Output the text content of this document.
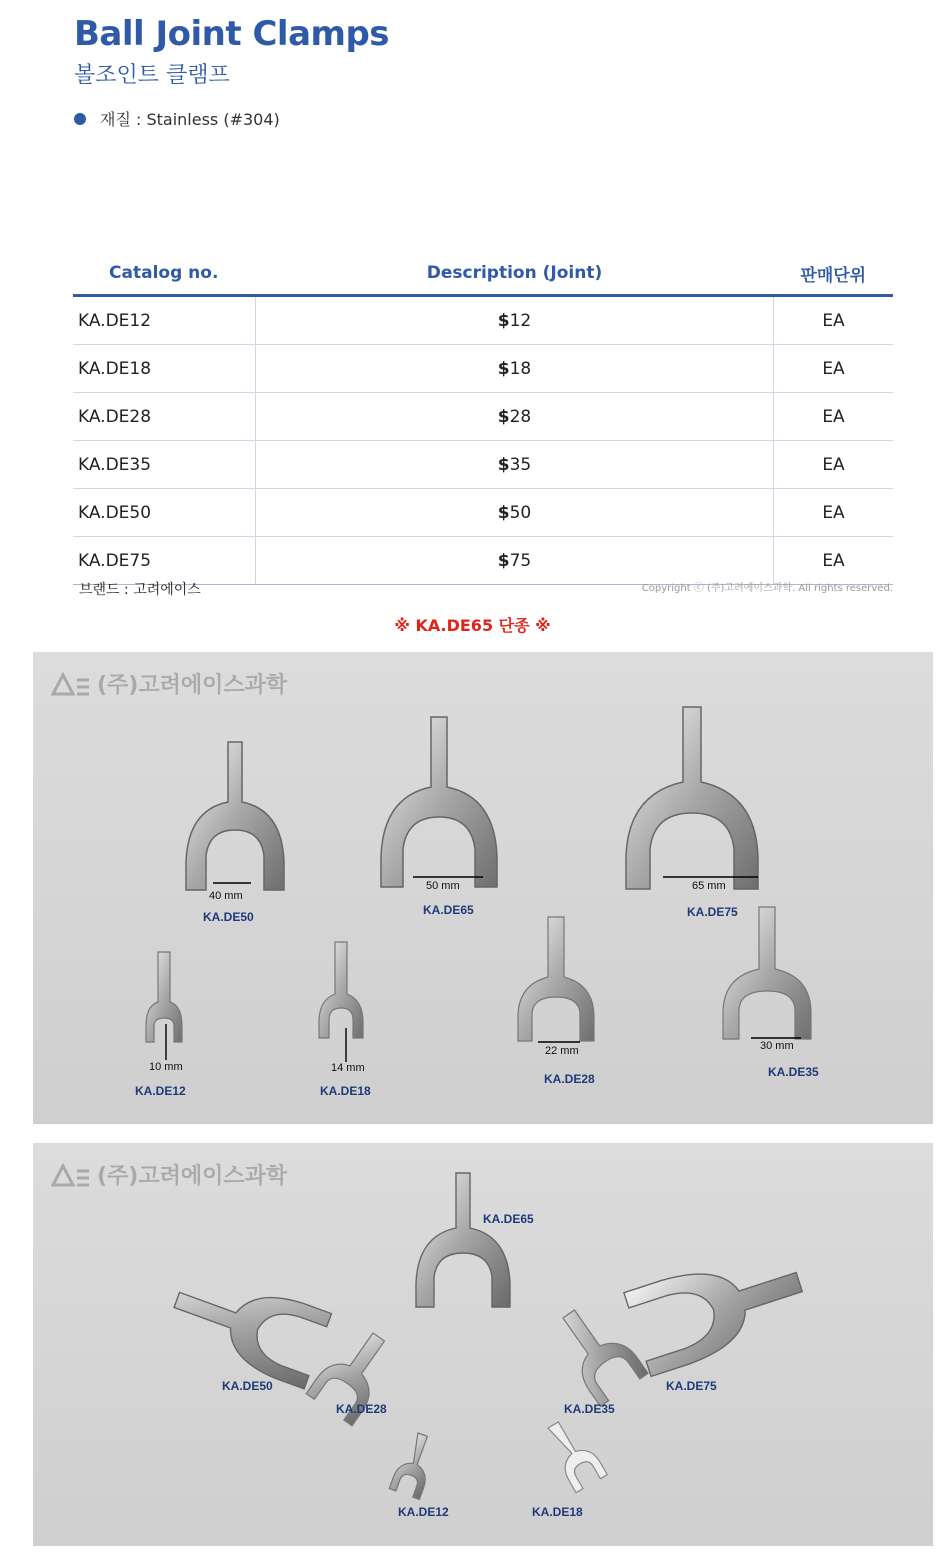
Ball Joint Clamps
볼조인트 클램프
재질 : Stainless (#304)
Catalog no.	Description (Joint)	판매단위
KA.DE12	$12	EA
KA.DE18	$18	EA
KA.DE28	$28	EA
KA.DE35	$35	EA
KA.DE50	$50	EA
KA.DE75	$75	EA
브랜드 : 고려에이스	Copyright ⓒ (주)고려에이스과학. All rights reserved.
※ KA.DE65 단종 ※
(주)고려에이스과학
40 mm
KA.DE50
50 mm
KA.DE65
65 mm
KA.DE75
10 mm
KA.DE12
14 mm
KA.DE18
22 mm
KA.DE28
30 mm
KA.DE35
(주)고려에이스과학
KA.DE65
KA.DE50	KA.DE75
KA.DE28	KA.DE35
KA.DE12	KA.DE18
